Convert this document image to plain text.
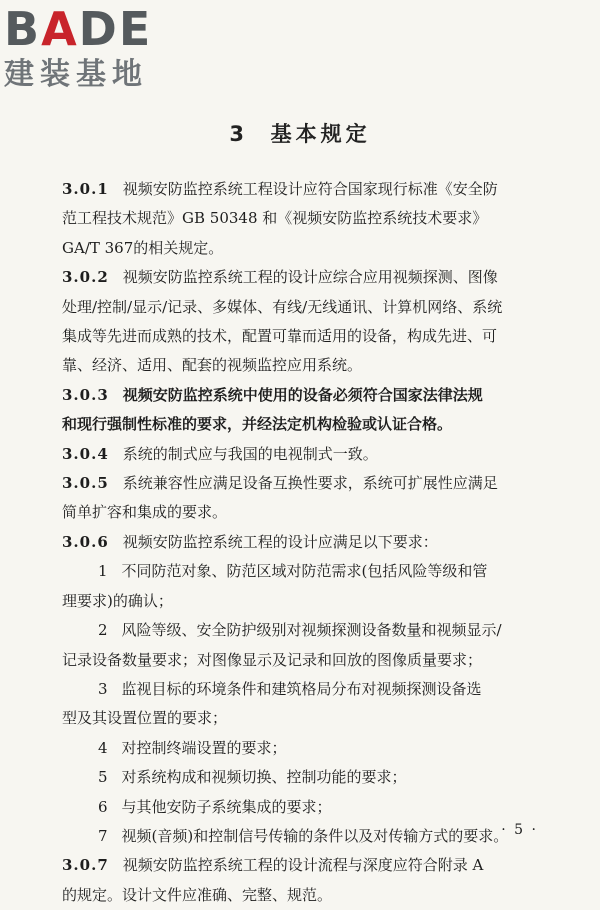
BADE
建装基地
3  基本规定
3.0.1 视频安防监控系统工程设计应符合国家现行标准《安全防
范工程技术规范》GB 50348 和《视频安防监控系统技术要求》
GA/T 367的相关规定。
3.0.2 视频安防监控系统工程的设计应综合应用视频探测、图像
处理/控制/显示/记录、多媒体、有线/无线通讯、计算机网络、系统
集成等先进而成熟的技术，配置可靠而适用的设备，构成先进、可
靠、经济、适用、配套的视频监控应用系统。
3.0.3 视频安防监控系统中使用的设备必须符合国家法律法规
和现行强制性标准的要求，并经法定机构检验或认证合格。
3.0.4 系统的制式应与我国的电视制式一致。
3.0.5 系统兼容性应满足设备互换性要求，系统可扩展性应满足
简单扩容和集成的要求。
3.0.6 视频安防监控系统工程的设计应满足以下要求：
1 不同防范对象、防范区域对防范需求(包括风险等级和管
理要求)的确认；
2 风险等级、安全防护级别对视频探测设备数量和视频显示/
记录设备数量要求；对图像显示及记录和回放的图像质量要求；
3 监视目标的环境条件和建筑格局分布对视频探测设备选
型及其设置位置的要求；
4 对控制终端设置的要求；
5 对系统构成和视频切换、控制功能的要求；
6 与其他安防子系统集成的要求；
7 视频(音频)和控制信号传输的条件以及对传输方式的要求。
3.0.7 视频安防监控系统工程的设计流程与深度应符合附录 A
的规定。设计文件应准确、完整、规范。
· 5 ·
